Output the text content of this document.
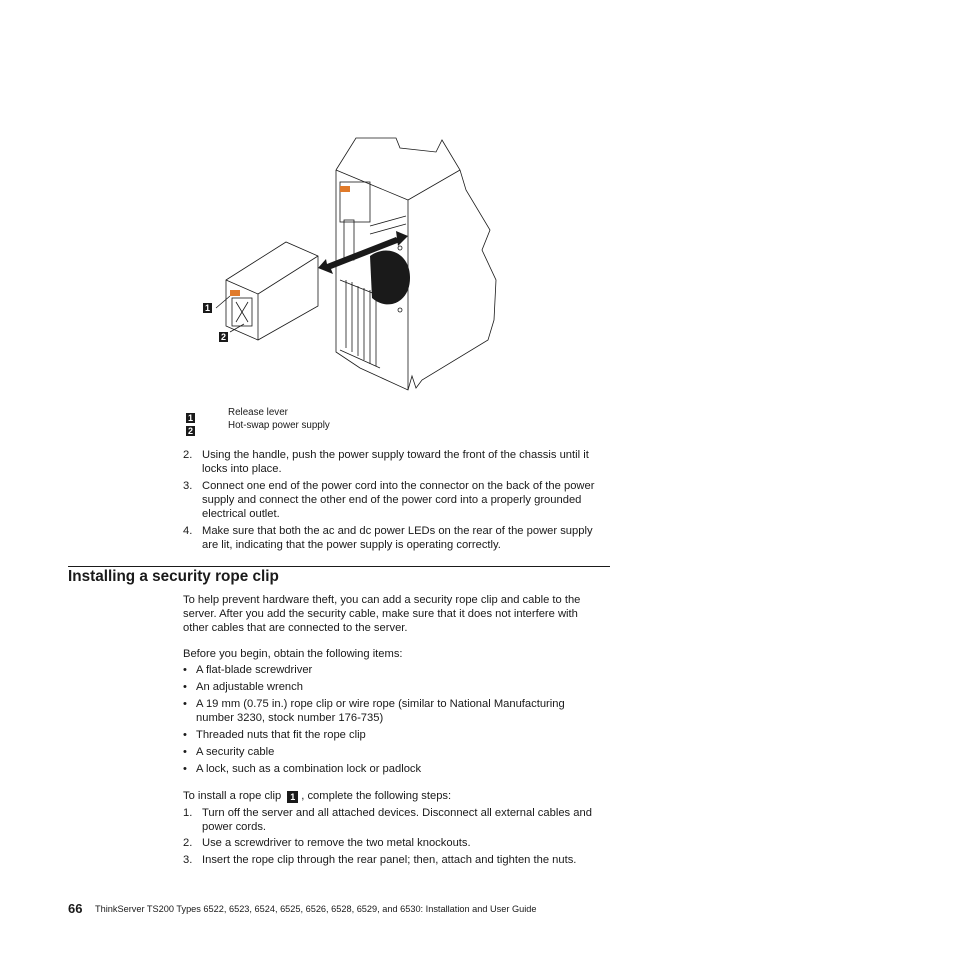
1
2
1	Release lever
2	Hot-swap power supply
2. Using the handle, push the power supply toward the front of the chassis until it
locks into place.
3. Connect one end of the power cord into the connector on the back of the power
supply and connect the other end of the power cord into a properly grounded
electrical outlet.
4. Make sure that both the ac and dc power LEDs on the rear of the power supply
are lit, indicating that the power supply is operating correctly.
Installing a security rope clip
To help prevent hardware theft, you can add a security rope clip and cable to the
server. After you add the security cable, make sure that it does not interfere with
other cables that are connected to the server.
Before you begin, obtain the following items:
• A flat-blade screwdriver
• An adjustable wrench
• A 19 mm (0.75 in.) rope clip or wire rope (similar to National Manufacturing
number 3230, stock number 176-735)
• Threaded nuts that fit the rope clip
• A security cable
• A lock, such as a combination lock or padlock
To install a rope clip 1 , complete the following steps:
1. Turn off the server and all attached devices. Disconnect all external cables and
power cords.
2. Use a screwdriver to remove the two metal knockouts.
3. Insert the rope clip through the rear panel; then, attach and tighten the nuts.
66 ThinkServer TS200 Types 6522, 6523, 6524, 6525, 6526, 6528, 6529, and 6530: Installation and User Guide
